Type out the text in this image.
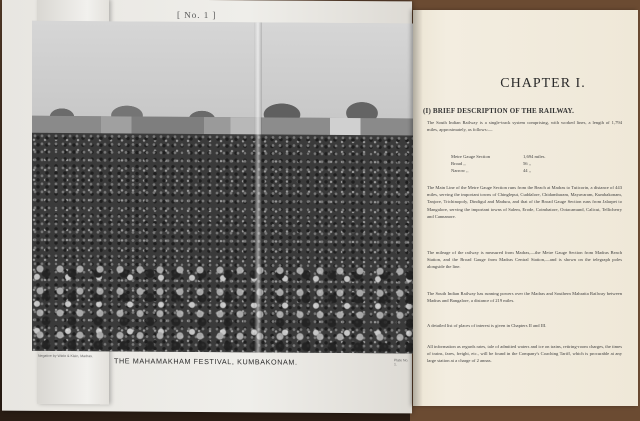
[ No. 1 ]
Negative by Wiele & Klein, Madras.
THE MAHAMAKHAM FESTIVAL, KUMBAKONAM.	Plate No. 1.
CHAPTER I.
(I) BRIEF DESCRIPTION OF THE RAILWAY.
The South Indian Railway is a single-track system comprising, with worked lines, a length of 1,794 miles, approximately, as follows:—
Metre Gauge Section	1,694 miles.
Broad ,,	56 ,,
Narrow ,,	44 ,,
The Main Line of the Metre Gauge Section runs from the Beach at Madras to Tuticorin, a distance of 443 miles, serving the important towns of Chingleput, Cuddalore, Chidambaram, Mayavaram, Kumbakonam, Tanjore, Trichinopoly, Dindigul and Madura, and that of the Broad Gauge Section runs from Jalarpet to Mangalore, serving the important towns of Salem, Erode, Coimbatore, Ootacamund, Calicut, Tellicherry and Cannanore.
The mileage of the railway is measured from Madras,—the Metre Gauge Section from Madras Beach Station, and the Broad Gauge from Madras Central Station,—and is shown on the telegraph poles alongside the line.
The South Indian Railway has running powers over the Madras and Southern Mahratta Railway between Madras and Bangalore, a distance of 219 miles.
A detailed list of places of interest is given in Chapters II and III.
All information as regards rates, tale of admitted waters and ice on trains, retiring-room charges, the times of trains, fares, freight, etc., will be found in the Company's Coaching Tariff, which is procurable at any large station at a charge of 2 annas.
